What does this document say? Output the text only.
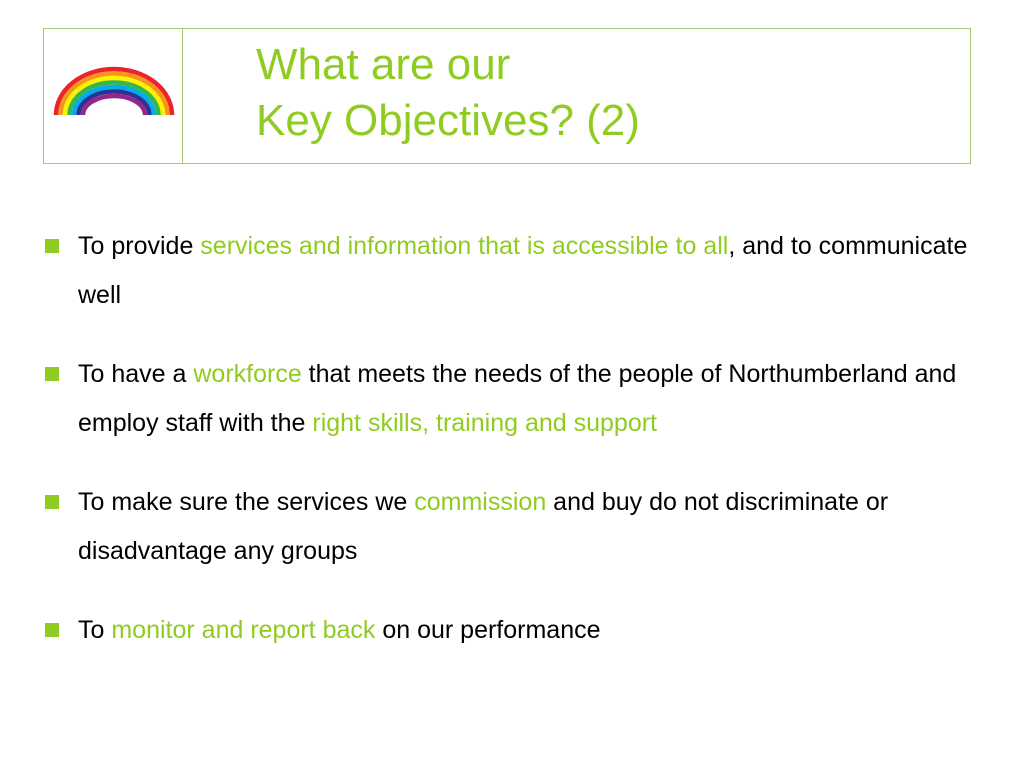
What are our
Key Objectives? (2)
To provide services and information that is accessible to all, and to communicate well
To have a workforce that meets the needs of the people of Northumberland and employ staff with the right skills, training and support
To make sure the services we commission and buy do not discriminate or disadvantage any groups
To monitor and report back on our performance
